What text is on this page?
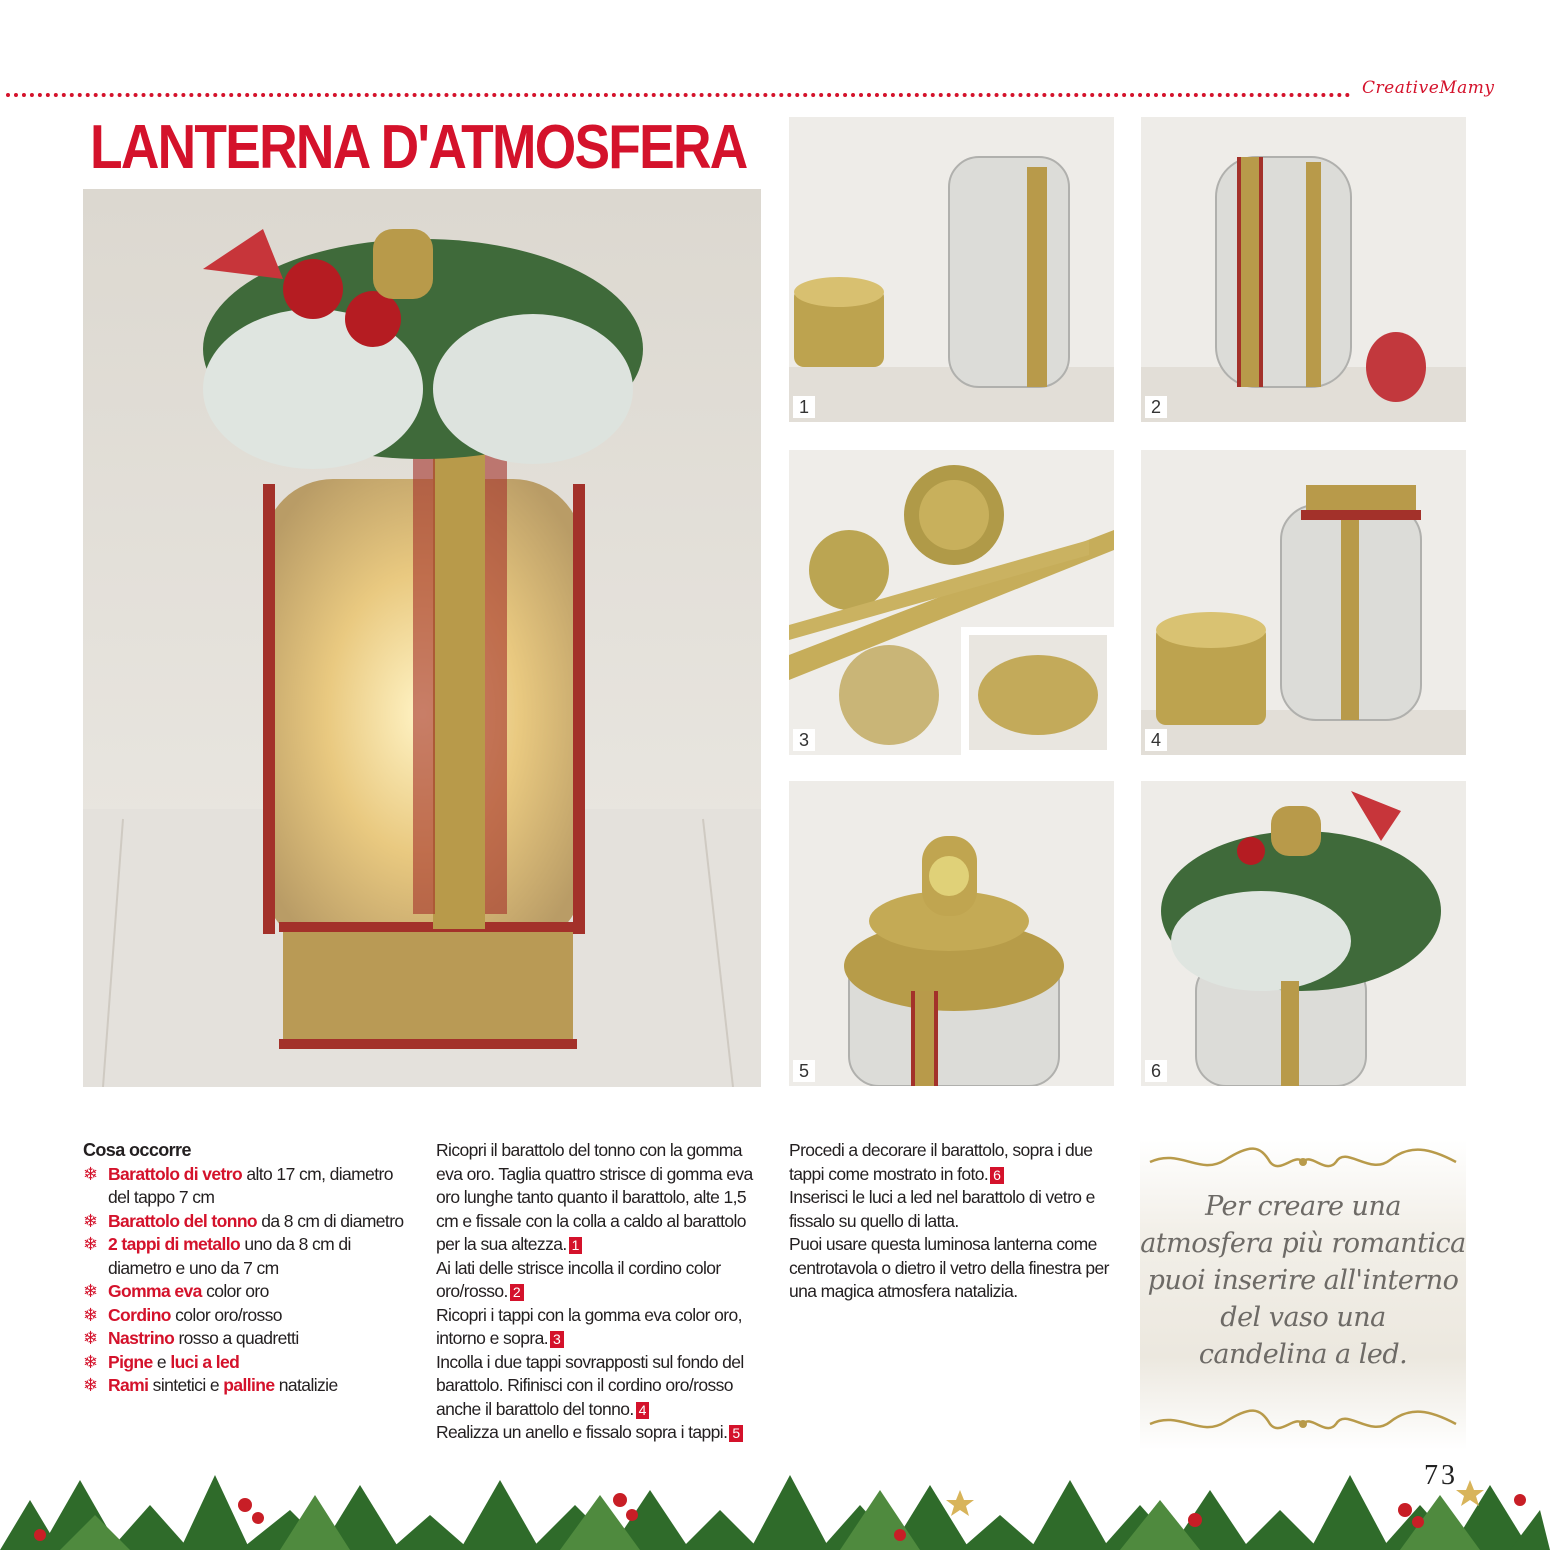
CreativeMamy
LANTERNA D'ATMOSFERA
1	2
3	4
5	6
Cosa occorre
❄ Barattolo di vetro alto 17 cm, diametro del tappo 7 cm
❄ Barattolo del tonno da 8 cm di diametro
❄ 2 tappi di metallo uno da 8 cm di diametro e uno da 7 cm
❄ Gomma eva color oro
❄ Cordino color oro/rosso
❄ Nastrino rosso a quadretti
❄ Pigne e luci a led
❄ Rami sintetici e palline natalizie

Ricopri il barattolo del tonno con la gomma eva oro. Taglia quattro strisce di gomma eva oro lunghe tanto quanto il barattolo, alte 1,5 cm e fissale con la colla a caldo al barattolo per la sua altezza. 1

Ai lati delle strisce incolla il cordino color oro/rosso. 2

Ricopri i tappi con la gomma eva color oro, intorno e sopra. 3

Incolla i due tappi sovrapposti sul fondo del barattolo. Rifinisci con il cordino oro/rosso anche il barattolo del tonno. 4

Realizza un anello e fissalo sopra i tappi. 5

Procedi a decorare il barattolo, sopra i due tappi come mostrato in foto. 6

Inserisci le luci a led nel barattolo di vetro e fissalo su quello di latta.

Puoi usare questa luminosa lanterna come centrotavola o dietro il vetro della finestra per una magica atmosfera natalizia.

Per creare una
atmosfera più romantica
puoi inserire all'interno
del vaso una
candelina a led.
73
